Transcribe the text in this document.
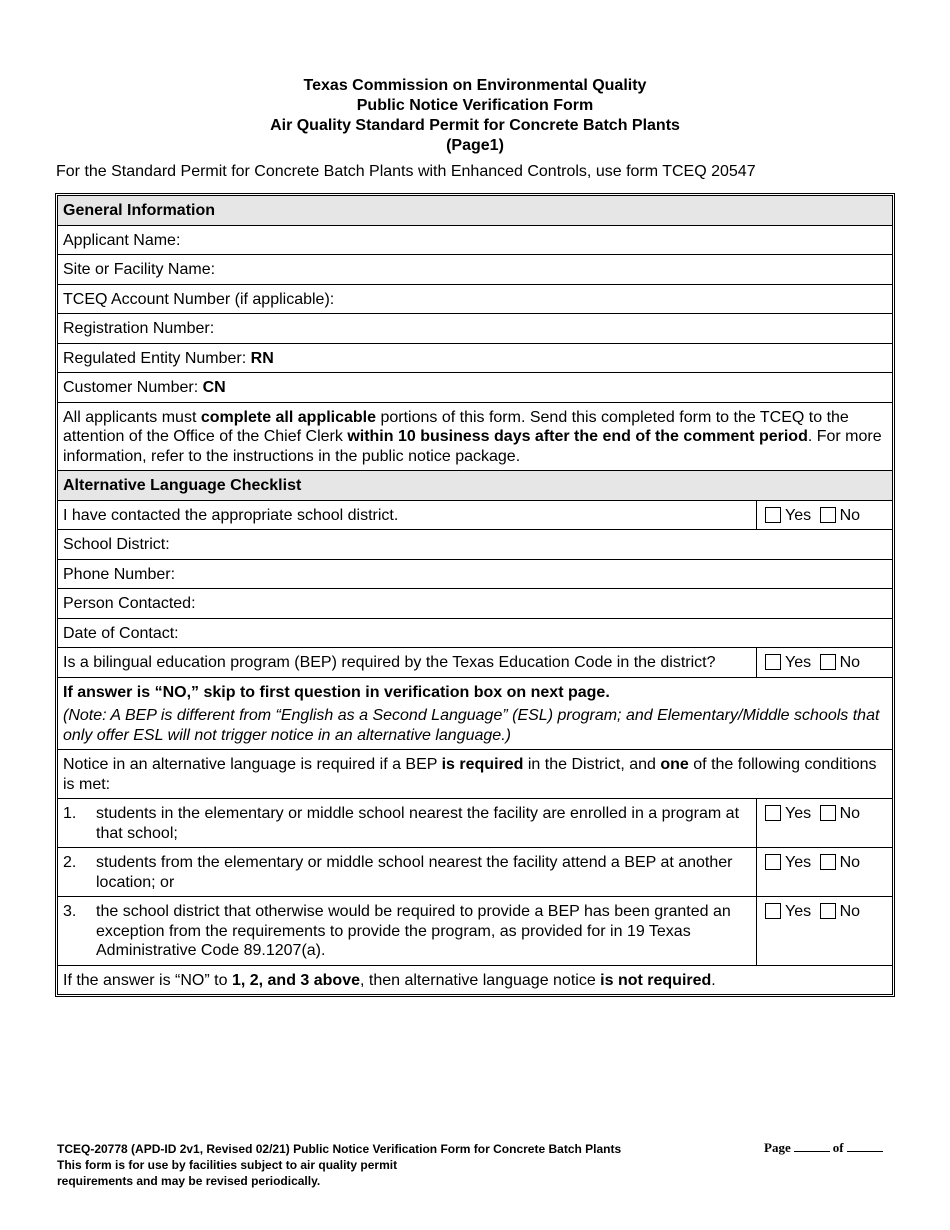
Texas Commission on Environmental Quality
Public Notice Verification Form
Air Quality Standard Permit for Concrete Batch Plants
(Page1)
For the Standard Permit for Concrete Batch Plants with Enhanced Controls, use form TCEQ 20547
General Information
Applicant Name:
Site or Facility Name:
TCEQ Account Number (if applicable):
Registration Number:
Regulated Entity Number: RN
Customer Number: CN
All applicants must complete all applicable portions of this form. Send this completed form to the TCEQ to the attention of the Office of the Chief Clerk within 10 business days after the end of the comment period. For more information, refer to the instructions in the public notice package.
Alternative Language Checklist
I have contacted the appropriate school district.	Yes No
School District:
Phone Number:
Person Contacted:
Date of Contact:
Is a bilingual education program (BEP) required by the Texas Education Code in the district?	Yes No
If answer is “NO,” skip to first question in verification box on next page.
(Note: A BEP is different from “English as a Second Language” (ESL) program; and Elementary/Middle schools that only offer ESL will not trigger notice in an alternative language.)
Notice in an alternative language is required if a BEP is required in the District, and one of the following conditions is met:
1.	students in the elementary or middle school nearest the facility are enrolled in a program at that school;
Yes No
2.	students from the elementary or middle school nearest the facility attend a BEP at another location; or
Yes No
3.	the school district that otherwise would be required to provide a BEP has been granted an exception from the requirements to provide the program, as provided for in 19 Texas Administrative Code 89.1207(a).
Yes No
If the answer is “NO” to 1, 2, and 3 above, then alternative language notice is not required.
TCEQ-20778 (APD-ID 2v1, Revised 02/21) Public Notice Verification Form for Concrete Batch Plants
This form is for use by facilities subject to air quality permit
requirements and may be revised periodically.
Page	of
